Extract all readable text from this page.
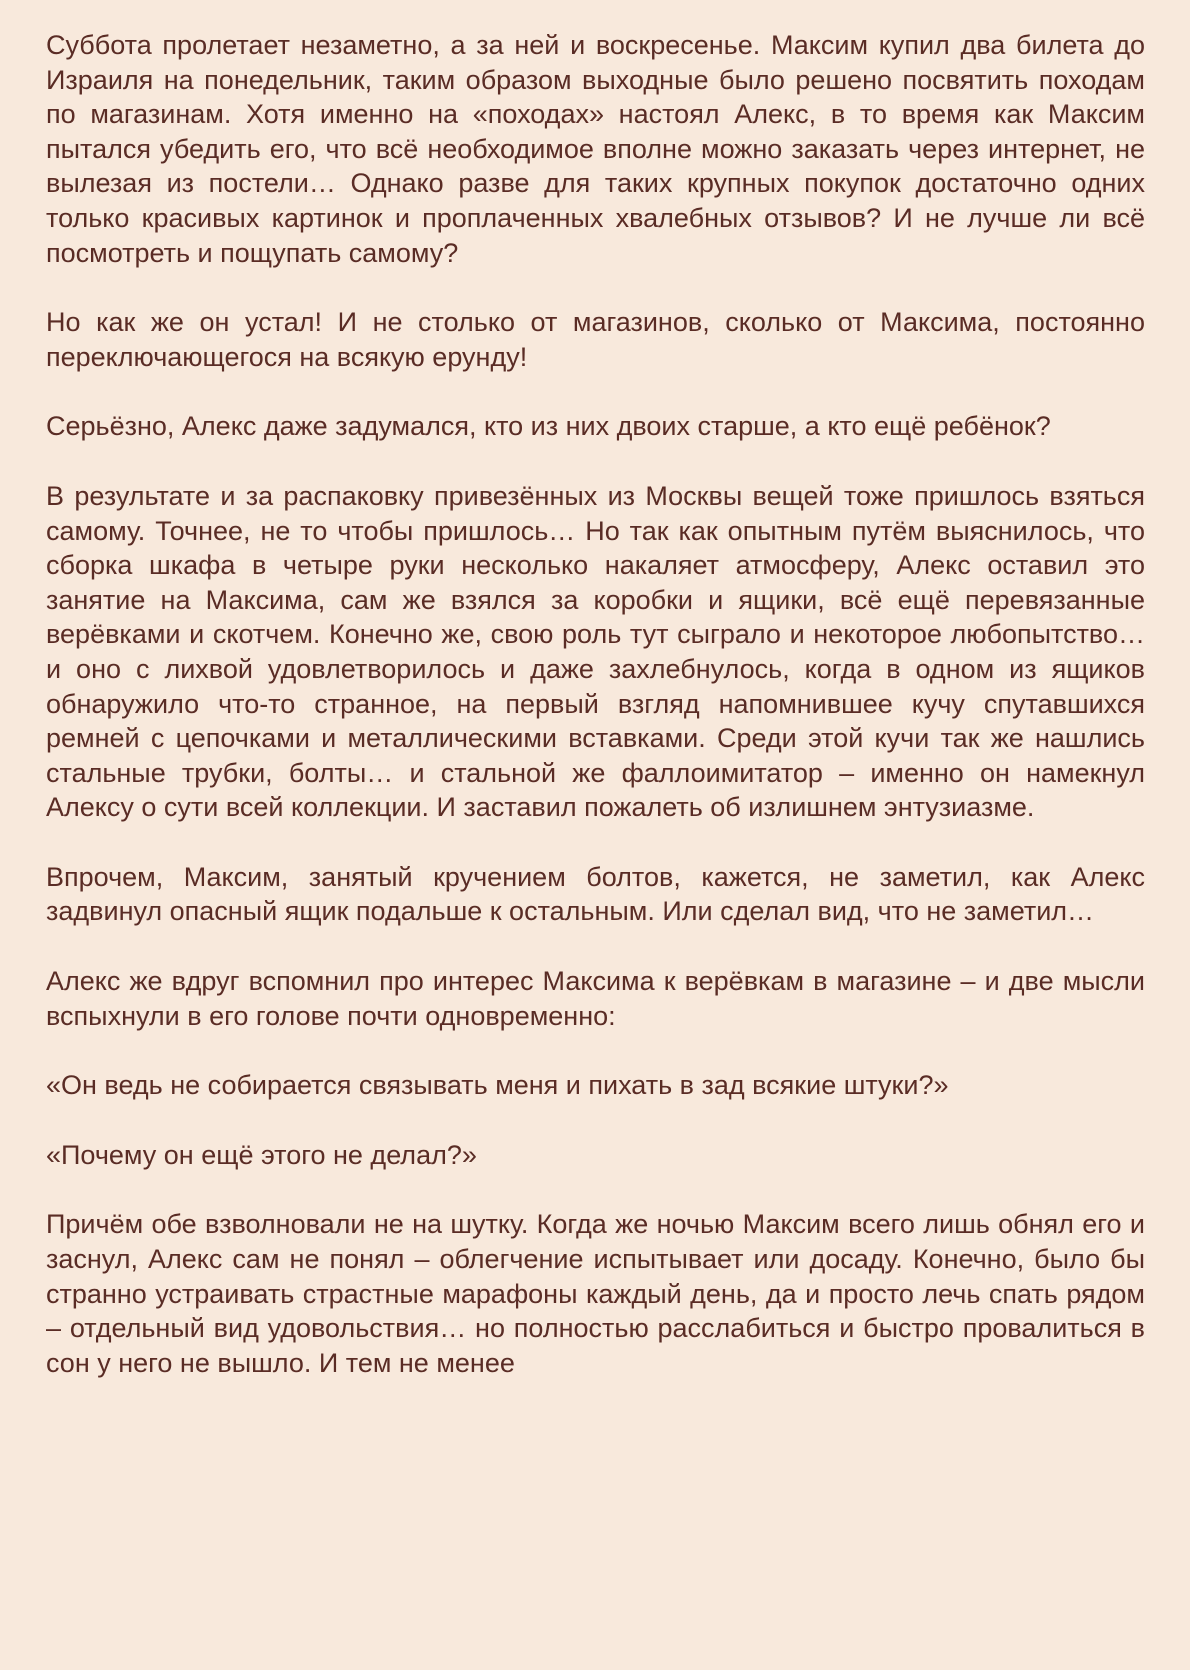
Суббота пролетает незаметно, а за ней и воскресенье. Максим купил два билета до Израиля на понедельник, таким образом выходные было решено посвятить походам по магазинам. Хотя именно на «походах» настоял Алекс, в то время как Максим пытался убедить его, что всё необходимое вполне можно заказать через интернет, не вылезая из постели… Однако разве для таких крупных покупок достаточно одних только красивых картинок и проплаченных хвалебных отзывов? И не лучше ли всё посмотреть и пощупать самому?

Но как же он устал! И не столько от магазинов, сколько от Максима, постоянно переключающегося на всякую ерунду!

Серьёзно, Алекс даже задумался, кто из них двоих старше, а кто ещё ребёнок?

В результате и за распаковку привезённых из Москвы вещей тоже пришлось взяться самому. Точнее, не то чтобы пришлось… Но так как опытным путём выяснилось, что сборка шкафа в четыре руки несколько накаляет атмосферу, Алекс оставил это занятие на Максима, сам же взялся за коробки и ящики, всё ещё перевязанные верёвками и скотчем. Конечно же, свою роль тут сыграло и некоторое любопытство… и оно с лихвой удовлетворилось и даже захлебнулось, когда в одном из ящиков обнаружило что-то странное, на первый взгляд напомнившее кучу спутавшихся ремней с цепочками и металлическими вставками. Среди этой кучи так же нашлись стальные трубки, болты… и стальной же фаллоимитатор – именно он намекнул Алексу о сути всей коллекции. И заставил пожалеть об излишнем энтузиазме.

Впрочем, Максим, занятый кручением болтов, кажется, не заметил, как Алекс задвинул опасный ящик подальше к остальным. Или сделал вид, что не заметил…

Алекс же вдруг вспомнил про интерес Максима к верёвкам в магазине – и две мысли вспыхнули в его голове почти одновременно:

«Он ведь не собирается связывать меня и пихать в зад всякие штуки?»

«Почему он ещё этого не делал?»

Причём обе взволновали не на шутку. Когда же ночью Максим всего лишь обнял его и заснул, Алекс сам не понял – облегчение испытывает или досаду. Конечно, было бы странно устраивать страстные марафоны каждый день, да и просто лечь спать рядом – отдельный вид удовольствия… но полностью расслабиться и быстро провалиться в сон у него не вышло. И тем не менее
